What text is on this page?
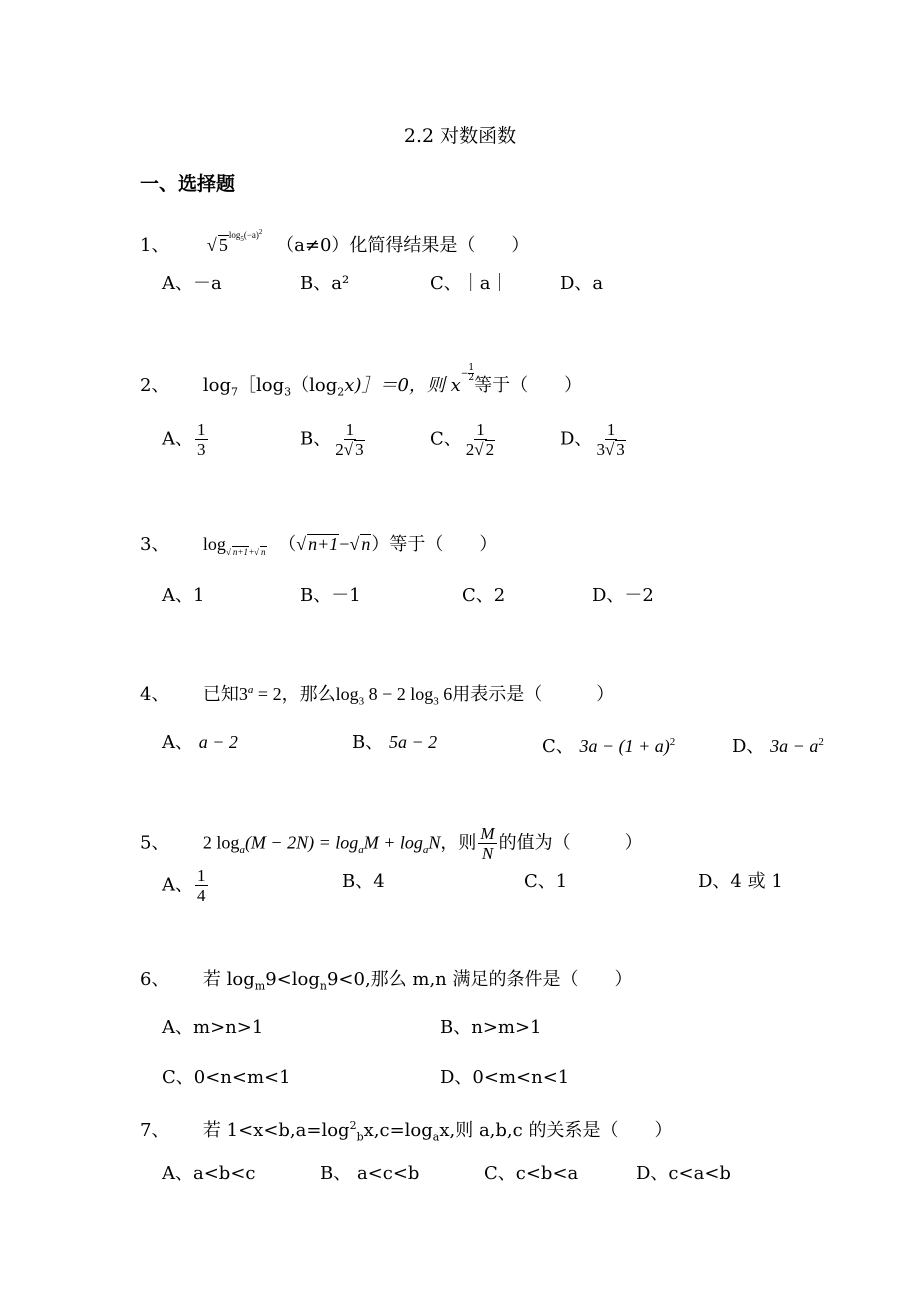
2.2 对数函数
一、选择题
1、 √ $5^{log_5(-a)^2}$ （a≠0）化简得结果是（　　）
A、－a	B、a²	C、｜a｜	D、a
2、 $\log_7[\log_3(\log_2x)]=0$，则 $x^{- \frac{1}{2}}$
等于（　　）
A、 $\frac{1}{3}$	B、 $\frac{1}{2√ 3}$	C、 $\frac{1}{2√ 2}$	D、 $\frac{1}{3√ 3}$
3、 $\log_{√ n+1+√ n}$ （√ n+1−√ n）等于（　　）
A、1	B、－1	C、2	D、－2
4、 已知$3^a = 2$，那么$\log_3 8 - 2$ $\log_3 6$用表示是（　　　）
A、 a − 2	B、 5a − 2	C、 $3a - (1 + a)^2$	D、 $3a - a^2$
5、 2 $\log_a(M - 2N) = \log_aM + \log_aN$，则 $\frac{M}{N}$ 的值为（　　　）
A、 $\frac{1}{4}$	B、4	C、1	D、4 或 1
6、 若 $\log_m9<\log_n9<0$,那么 m,n 满足的条件是（　　）
A、m>n>1	B、n>m>1
C、0<n<m<1	D、0<m<n<1
7、 若 $1<x<b,a=\log^2_bx,c=\log_ax$,则 a,b,c 的关系是（　　）
A、a<b<c	B、 a<c<b	C、c<b<a	D、c<a<b
